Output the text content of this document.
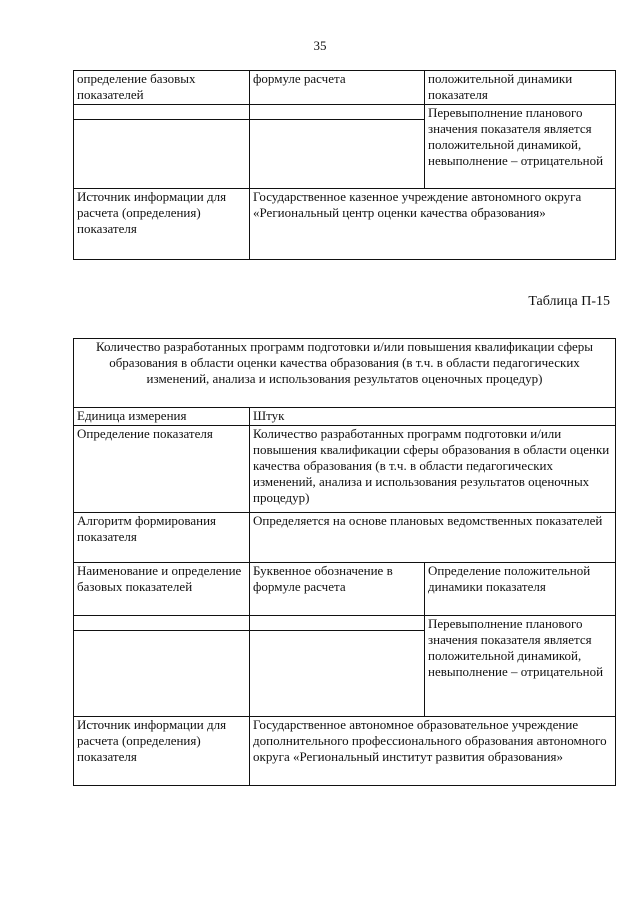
35
определение базовых показателей	формуле расчета	положительной динамики показателя
		Перевыполнение планового значения показателя является положительной динамикой, невыполнение – отрицательной

Источник информации для расчета (определения) показателя	Государственное казенное учреждение автономного округа «Региональный центр оценки качества образования»	
Таблица П-15
Количество разработанных программ подготовки и/или повышения квалификации сферы образования в области оценки качества образования (в т.ч. в области педагогических изменений, анализа и использования результатов оценочных процедур)		
Единица измерения	Штук	
Определение показателя	Количество разработанных программ подготовки и/или повышения квалификации сферы образования в области оценки качества образования (в т.ч. в области педагогических изменений, анализа и использования результатов оценочных процедур)	
Алгоритм формирования показателя	Определяется на основе плановых ведомственных показателей	
Наименование и определение базовых показателей	Буквенное обозначение в формуле расчета	Определение положительной динамики показателя
		Перевыполнение планового значения показателя является положительной динамикой, невыполнение – отрицательной

Источник информации для расчета (определения) показателя	Государственное автономное образовательное учреждение дополнительного профессионального образования автономного округа «Региональный институт развития образования»	
